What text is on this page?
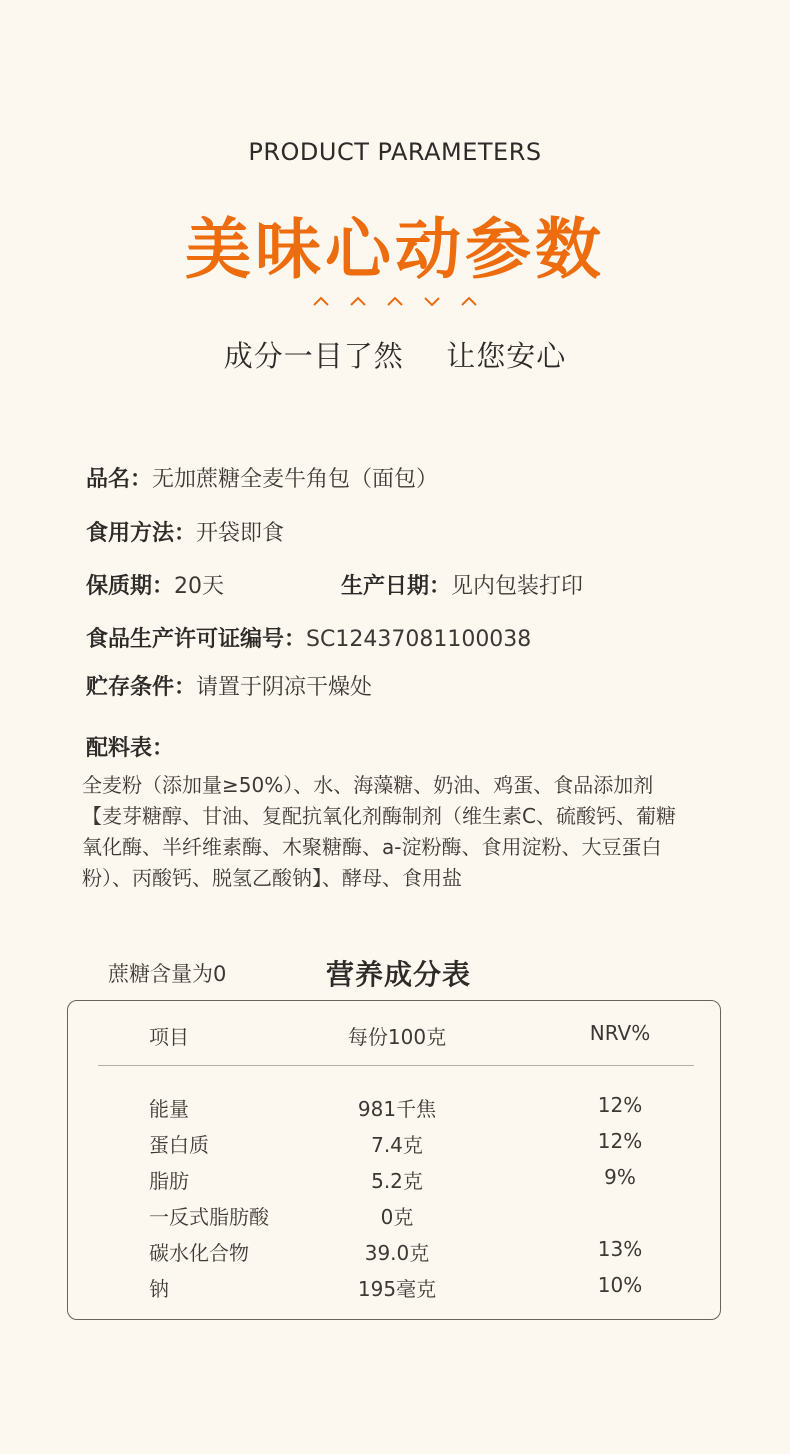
PRODUCT PARAMETERS
美味心动参数

成分一目了然 让您安心
品名：无加蔗糖全麦牛角包（面包）
食用方法：开袋即食
保质期：20天	生产日期：见内包装打印
食品生产许可证编号：SC12437081100038
贮存条件：请置于阴凉干燥处
配料表：
全麦粉（添加量≥50%）、水、海藻糖、奶油、鸡蛋、食品添加剂
【麦芽糖醇、甘油、复配抗氧化剂酶制剂（维生素C、硫酸钙、葡糖
氧化酶、半纤维素酶、木聚糖酶、a-淀粉酶、食用淀粉、大豆蛋白
粉）、丙酸钙、脱氢乙酸钠】、酵母、食用盐
蔗糖含量为0	营养成分表
项目	每份100克	NRV%
能量	981千焦	12%
蛋白质	7.4克	12%
脂肪	5.2克	9%
一反式脂肪酸	0克
碳水化合物	39.0克	13%
钠	195毫克	10%
